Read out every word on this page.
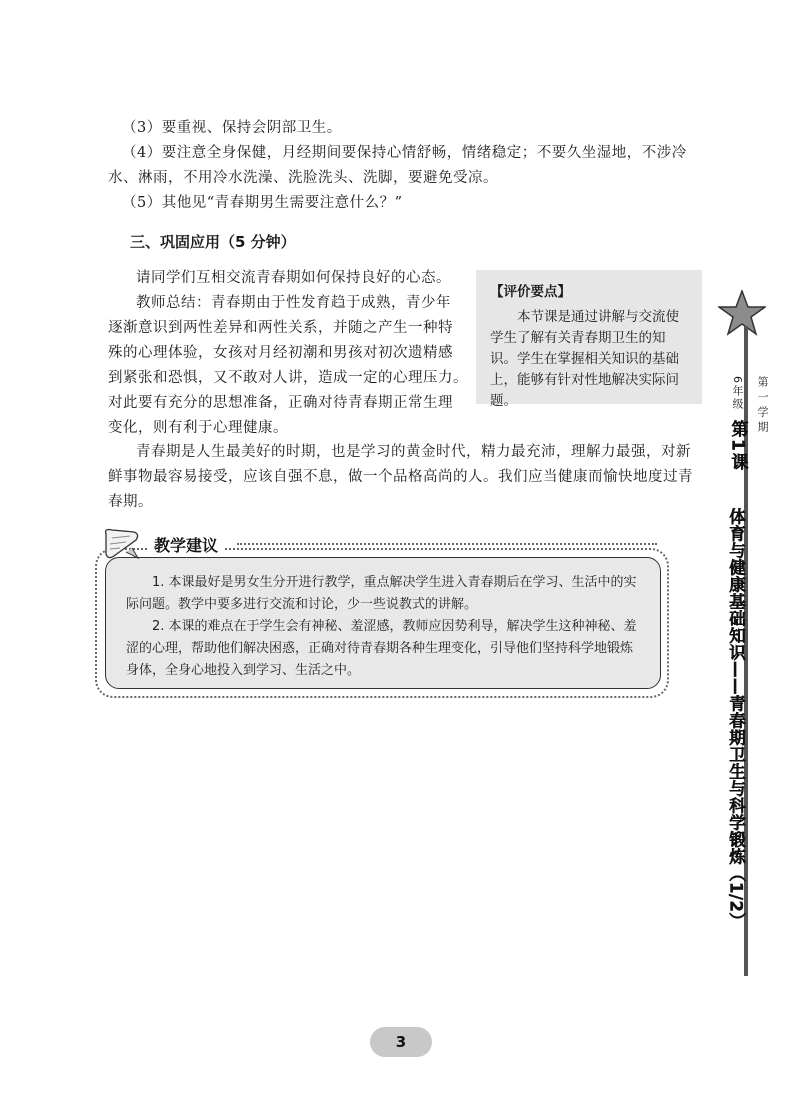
（3）要重视、保持会阴部卫生。

（4）要注意全身保健，月经期间要保持心情舒畅，情绪稳定；不要久坐湿地，不涉冷

水、淋雨，不用冷水洗澡、洗脸洗头、洗脚，要避免受凉。

（5）其他见“青春期男生需要注意什么？”

三、巩固应用（5 分钟）

请同学们互相交流青春期如何保持良好的心态。

教师总结：青春期由于性发育趋于成熟，青少年

逐渐意识到两性差异和两性关系，并随之产生一种特

殊的心理体验，女孩对月经初潮和男孩对初次遗精感

到紧张和恐惧，又不敢对人讲，造成一定的心理压力。

对此要有充分的思想准备，正确对待青春期正常生理

变化，则有利于心理健康。

青春期是人生最美好的时期，也是学习的黄金时代，精力最充沛，理解力最强，对新

鲜事物最容易接受，应该自强不息，做一个品格高尚的人。我们应当健康而愉快地度过青

春期。

【评价要点】

本节课是通过讲解与交流使学生了解有关青春期卫生的知识。学生在掌握相关知识的基础上，能够有针对性地解决实际问题。	第一学期
6年级
第1课
体育与健康基础知识——青春期卫生与科学锻炼（1/2）

1. 本课最好是男女生分开进行教学，重点解决学生进入青春期后在学习、生活中的实际问题。教学中要多进行交流和讨论，少一些说教式的讲解。

2. 本课的难点在于学生会有神秘、羞涩感，教师应因势利导，解决学生这种神秘、羞涩的心理，帮助他们解决困惑，正确对待青春期各种生理变化，引导他们坚持科学地锻炼身体，全身心地投入到学习、生活之中。

教学建议
3
